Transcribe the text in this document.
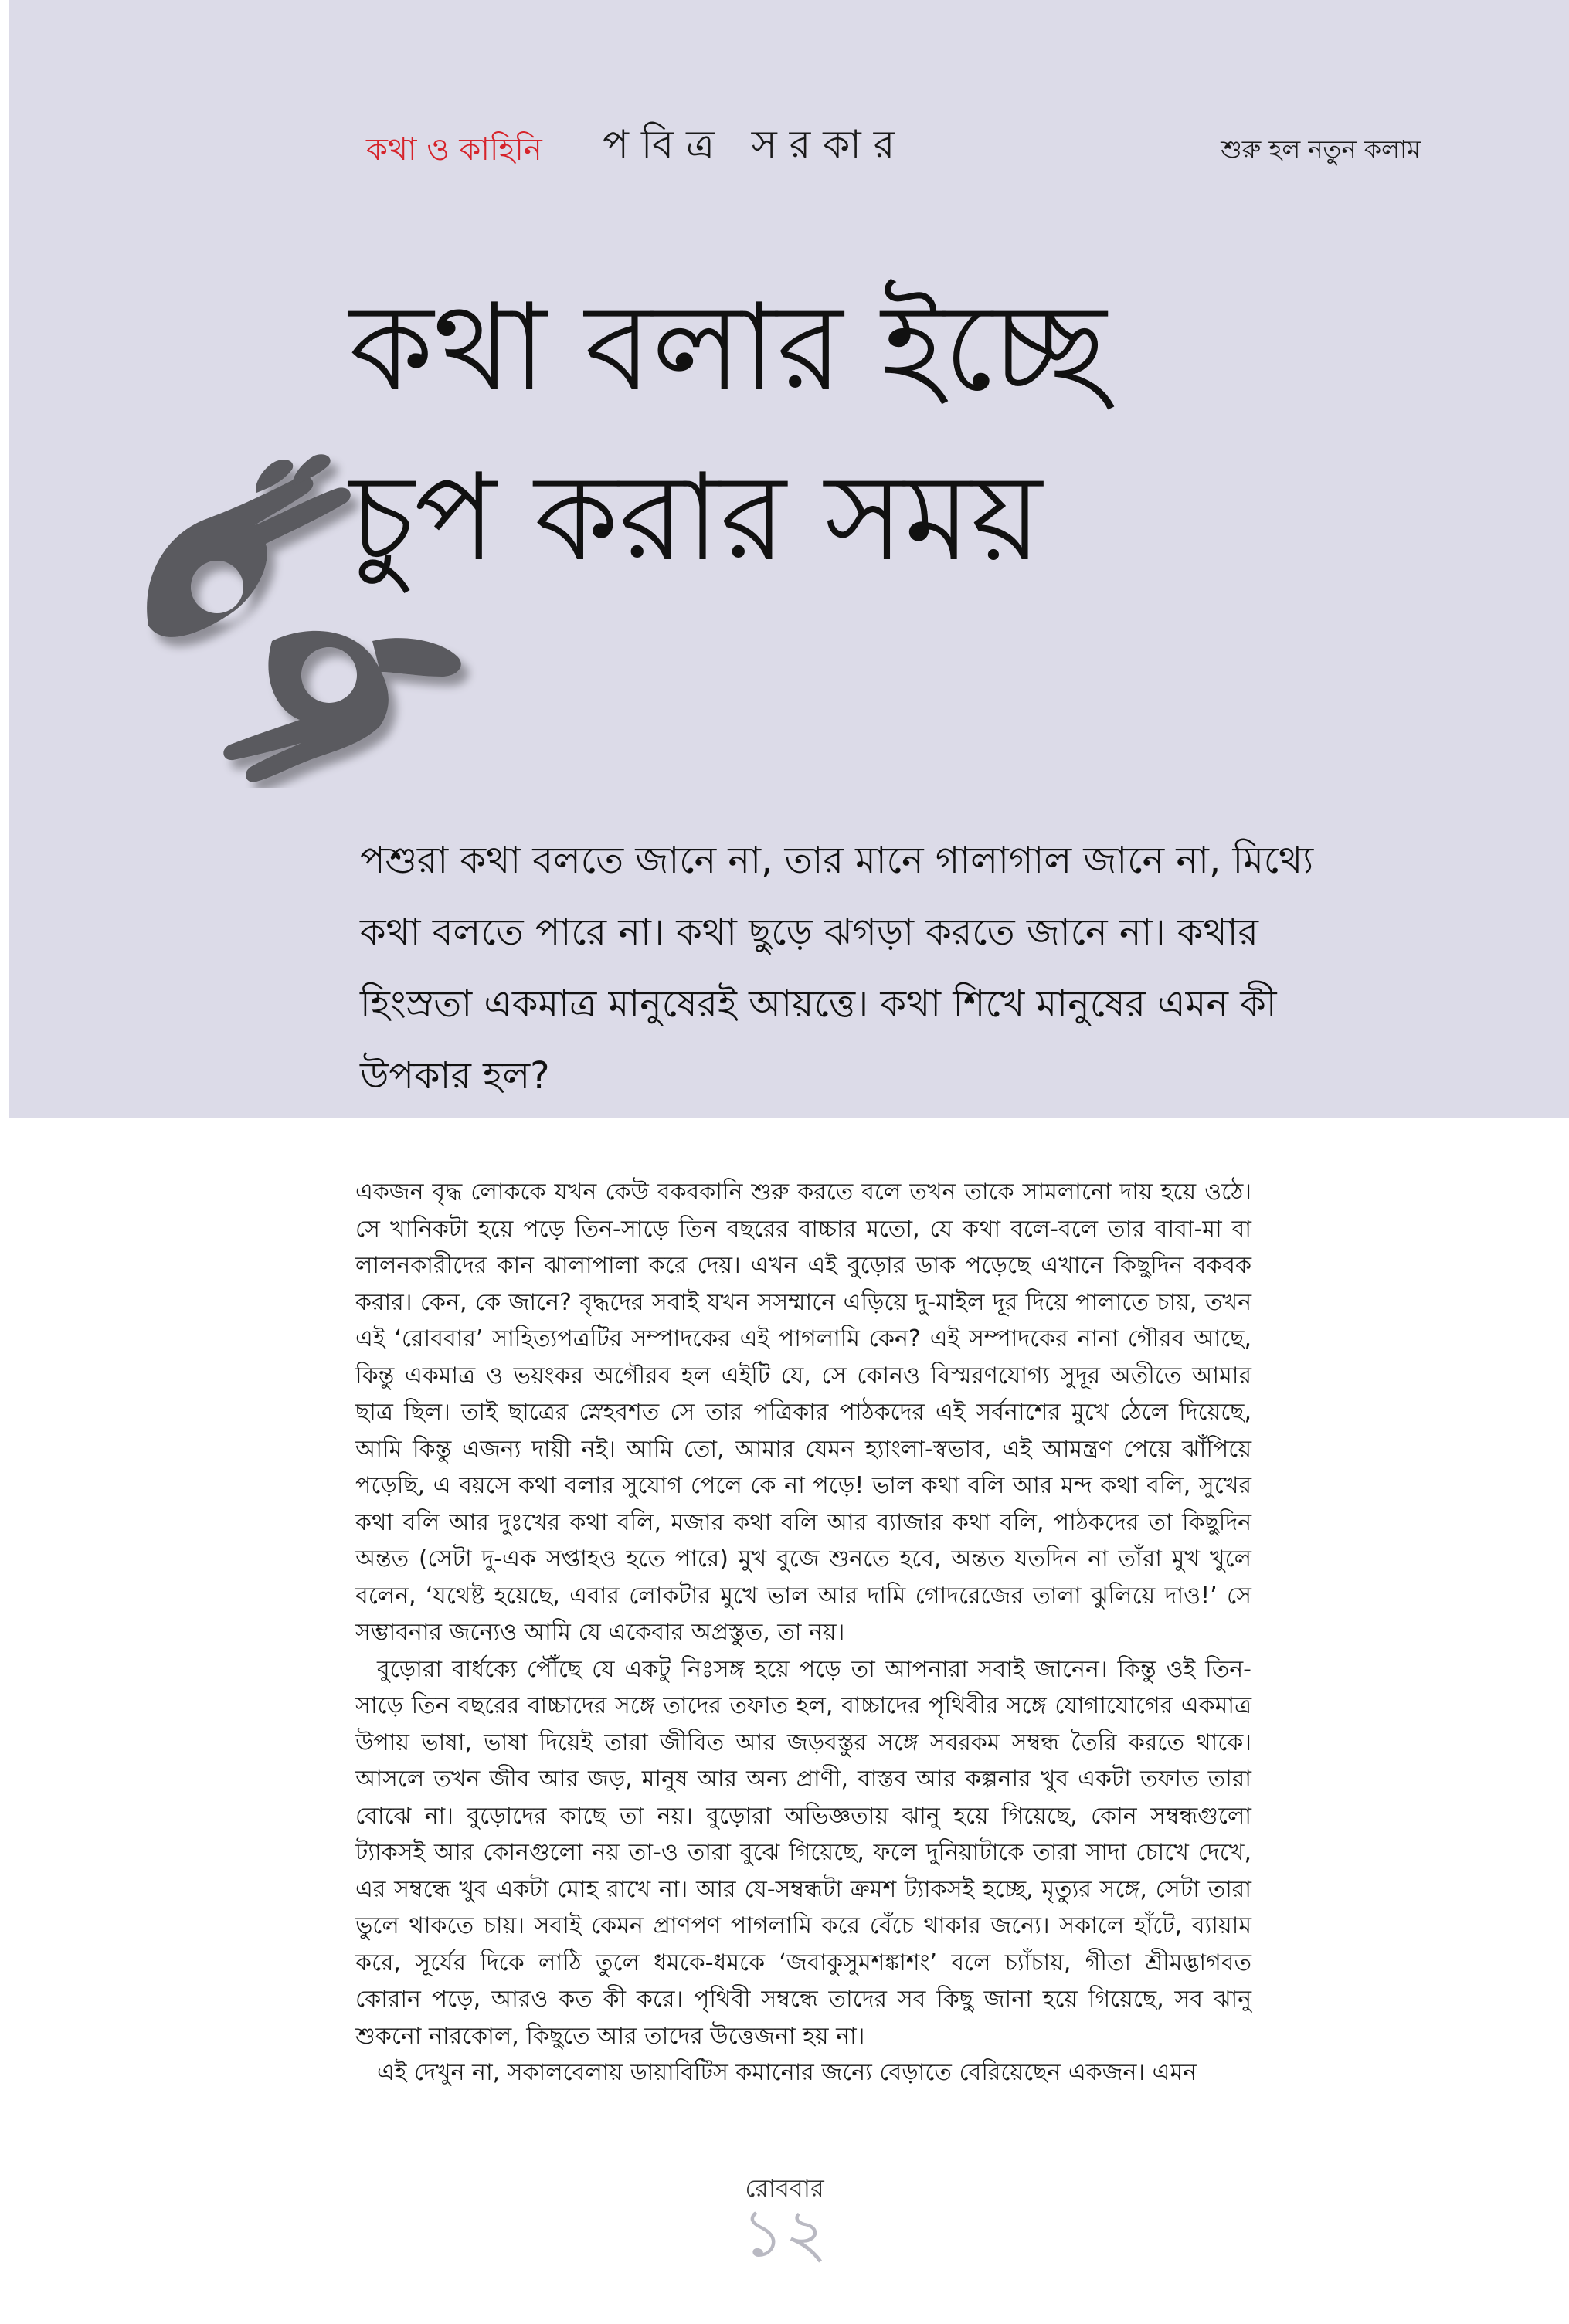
কথা ও কাহিনি পবিত্র সরকার	শুরু হল নতুন কলাম
কথা বলার ইচ্ছে
চুপ করার সময়

পশুরা কথা বলতে জানে না, তার মানে গালাগাল জানে না, মিথ্যে কথা বলতে পারে না। কথা ছুড়ে ঝগড়া করতে জানে না। কথার হিংস্রতা একমাত্র মানুষেরই আয়ত্তে। কথা শিখে মানুষের এমন কী উপকার হল?

একজন বৃদ্ধ লোককে যখন কেউ বকবকানি শুরু করতে বলে তখন তাকে সামলানো দায় হয়ে ওঠে। সে খানিকটা হয়ে পড়ে তিন-সাড়ে তিন বছরের বাচ্চার মতো, যে কথা বলে-বলে তার বাবা-মা বা লালনকারীদের কান ঝালাপালা করে দেয়। এখন এই বুড়োর ডাক পড়েছে এখানে কিছুদিন বকবক করার। কেন, কে জানে? বৃদ্ধদের সবাই যখন সসম্মানে এড়িয়ে দু-মাইল দূর দিয়ে পালাতে চায়, তখন এই ‘রোববার’ সাহিত্যপত্রটির সম্পাদকের এই পাগলামি কেন? এই সম্পাদকের নানা গৌরব আছে, কিন্তু একমাত্র ও ভয়ংকর অগৌরব হল এইটি যে, সে কোনও বিস্মরণযোগ্য সুদূর অতীতে আমার ছাত্র ছিল। তাই ছাত্রের স্নেহবশত সে তার পত্রিকার পাঠকদের এই সর্বনাশের মুখে ঠেলে দিয়েছে, আমি কিন্তু এজন্য দায়ী নই। আমি তো, আমার যেমন হ্যাংলা-স্বভাব, এই আমন্ত্রণ পেয়ে ঝাঁপিয়ে পড়েছি, এ বয়সে কথা বলার সুযোগ পেলে কে না পড়ে! ভাল কথা বলি আর মন্দ কথা বলি, সুখের কথা বলি আর দুঃখের কথা বলি, মজার কথা বলি আর ব্যাজার কথা বলি, পাঠকদের তা কিছুদিন অন্তত (সেটা দু-এক সপ্তাহও হতে পারে) মুখ বুজে শুনতে হবে, অন্তত যতদিন না তাঁরা মুখ খুলে বলেন, ‘যথেষ্ট হয়েছে, এবার লোকটার মুখে ভাল আর দামি গোদরেজের তালা ঝুলিয়ে দাও!’ সে সম্ভাবনার জন্যেও আমি যে একেবার অপ্রস্তুত, তা নয়।

বুড়োরা বার্ধক্যে পৌঁছে যে একটু নিঃসঙ্গ হয়ে পড়ে তা আপনারা সবাই জানেন। কিন্তু ওই তিন-সাড়ে তিন বছরের বাচ্চাদের সঙ্গে তাদের তফাত হল, বাচ্চাদের পৃথিবীর সঙ্গে যোগাযোগের একমাত্র উপায় ভাষা, ভাষা দিয়েই তারা জীবিত আর জড়বস্তুর সঙ্গে সবরকম সম্বন্ধ তৈরি করতে থাকে। আসলে তখন জীব আর জড়, মানুষ আর অন্য প্রাণী, বাস্তব আর কল্পনার খুব একটা তফাত তারা বোঝে না। বুড়োদের কাছে তা নয়। বুড়োরা অভিজ্ঞতায় ঝানু হয়ে গিয়েছে, কোন সম্বন্ধগুলো ট্যাকসই আর কোনগুলো নয় তা-ও তারা বুঝে গিয়েছে, ফলে দুনিয়াটাকে তারা সাদা চোখে দেখে, এর সম্বন্ধে খুব একটা মোহ রাখে না। আর যে-সম্বন্ধটা ক্রমশ ট্যাকসই হচ্ছে, মৃত্যুর সঙ্গে, সেটা তারা ভুলে থাকতে চায়। সবাই কেমন প্রাণপণ পাগলামি করে বেঁচে থাকার জন্যে। সকালে হাঁটে, ব্যায়াম করে, সূর্যের দিকে লাঠি তুলে ধমকে-ধমকে ‘জবাকুসুমশঙ্কাশং’ বলে চ্যাঁচায়, গীতা শ্রীমদ্ভাগবত কোরান পড়ে, আরও কত কী করে। পৃথিবী সম্বন্ধে তাদের সব কিছু জানা হয়ে গিয়েছে, সব ঝানু শুকনো নারকোল, কিছুতে আর তাদের উত্তেজনা হয় না।

এই দেখুন না, সকালবেলায় ডায়াবিটিস কমানোর জন্যে বেড়াতে বেরিয়েছেন একজন। এমন

রোববার
১২
